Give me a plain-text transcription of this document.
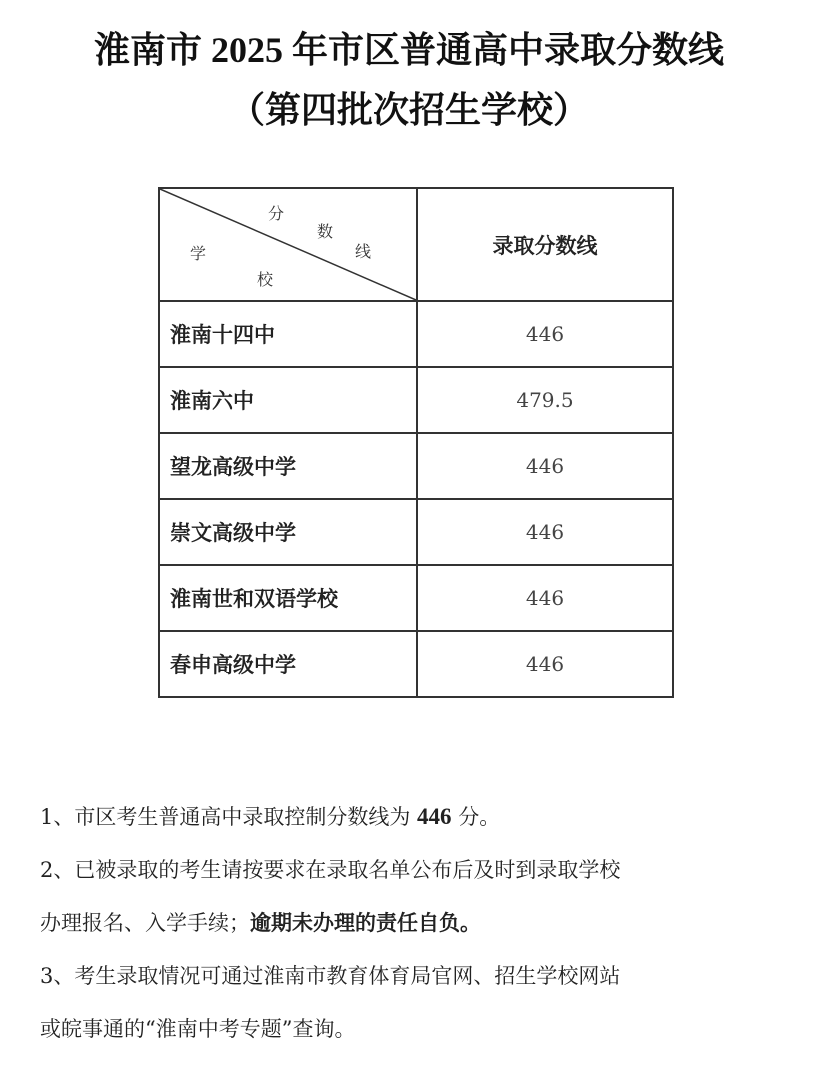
淮南市 2025 年市区普通高中录取分数线
（第四批次招生学校）
分
数
线
学
校	录取分数线
淮南十四中	446
淮南六中	479.5
望龙高级中学	446
崇文高级中学	446
淮南世和双语学校	446
春申高级中学	446

1、市区考生普通高中录取控制分数线为 446 分。

2、已被录取的考生请按要求在录取名单公布后及时到录取学校

办理报名、入学手续；逾期未办理的责任自负。

3、考生录取情况可通过淮南市教育体育局官网、招生学校网站

或皖事通的“淮南中考专题”查询。
